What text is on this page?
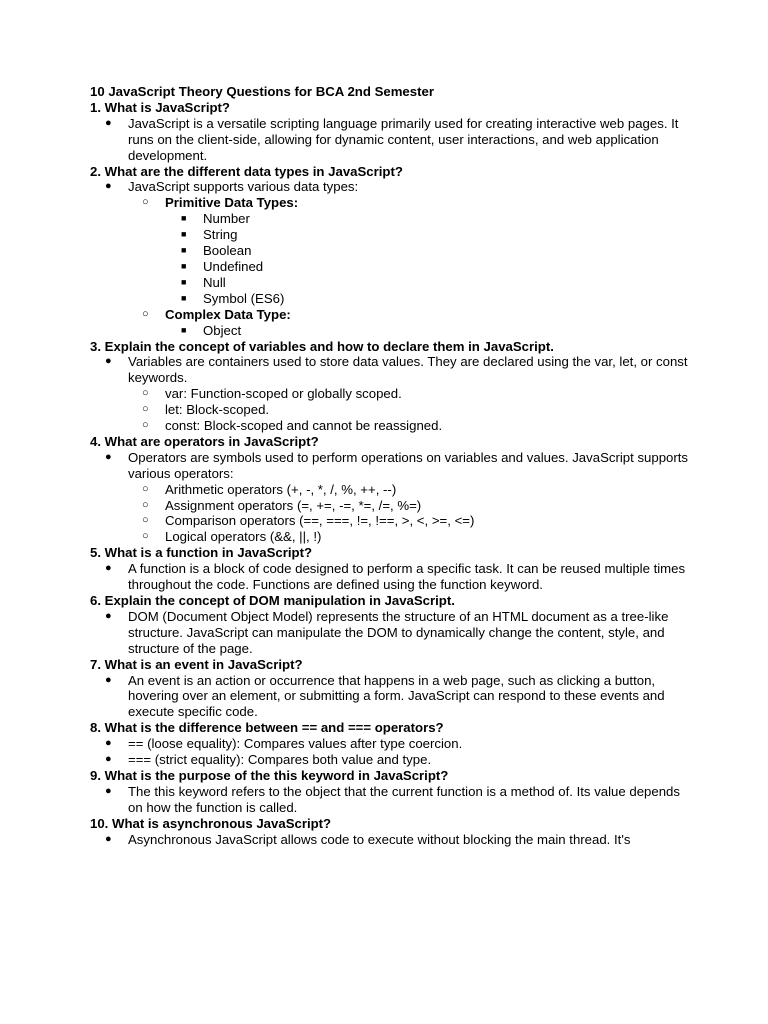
10 JavaScript Theory Questions for BCA 2nd Semester

1. What is JavaScript?

● JavaScript is a versatile scripting language primarily used for creating interactive web pages. It runs on the client-side, allowing for dynamic content, user interactions, and web application development.

2. What are the different data types in JavaScript?

● JavaScript supports various data types:
○ Primitive Data Types:
■ Number
■ String
■ Boolean
■ Undefined
■ Null
■ Symbol (ES6)
○ Complex Data Type:
■ Object

3. Explain the concept of variables and how to declare them in JavaScript.

● Variables are containers used to store data values. They are declared using the var, let, or const keywords.
○ var: Function-scoped or globally scoped.
○ let: Block-scoped.
○ const: Block-scoped and cannot be reassigned.

4. What are operators in JavaScript?

● Operators are symbols used to perform operations on variables and values. JavaScript supports various operators:
○ Arithmetic operators (+, -, *, /, %, ++, --)
○ Assignment operators (=, +=, -=, *=, /=, %=)
○ Comparison operators (==, ===, !=, !==, >, <, >=, <=)
○ Logical operators (&&, ||, !)

5. What is a function in JavaScript?

● A function is a block of code designed to perform a specific task. It can be reused multiple times throughout the code. Functions are defined using the function keyword.

6. Explain the concept of DOM manipulation in JavaScript.

● DOM (Document Object Model) represents the structure of an HTML document as a tree-like structure. JavaScript can manipulate the DOM to dynamically change the content, style, and structure of the page.

7. What is an event in JavaScript?

● An event is an action or occurrence that happens in a web page, such as clicking a button, hovering over an element, or submitting a form. JavaScript can respond to these events and execute specific code.

8. What is the difference between == and === operators?

● == (loose equality): Compares values after type coercion.
● === (strict equality): Compares both value and type.

9. What is the purpose of the this keyword in JavaScript?

● The this keyword refers to the object that the current function is a method of. Its value depends on how the function is called.

10. What is asynchronous JavaScript?

● Asynchronous JavaScript allows code to execute without blocking the main thread. It's
